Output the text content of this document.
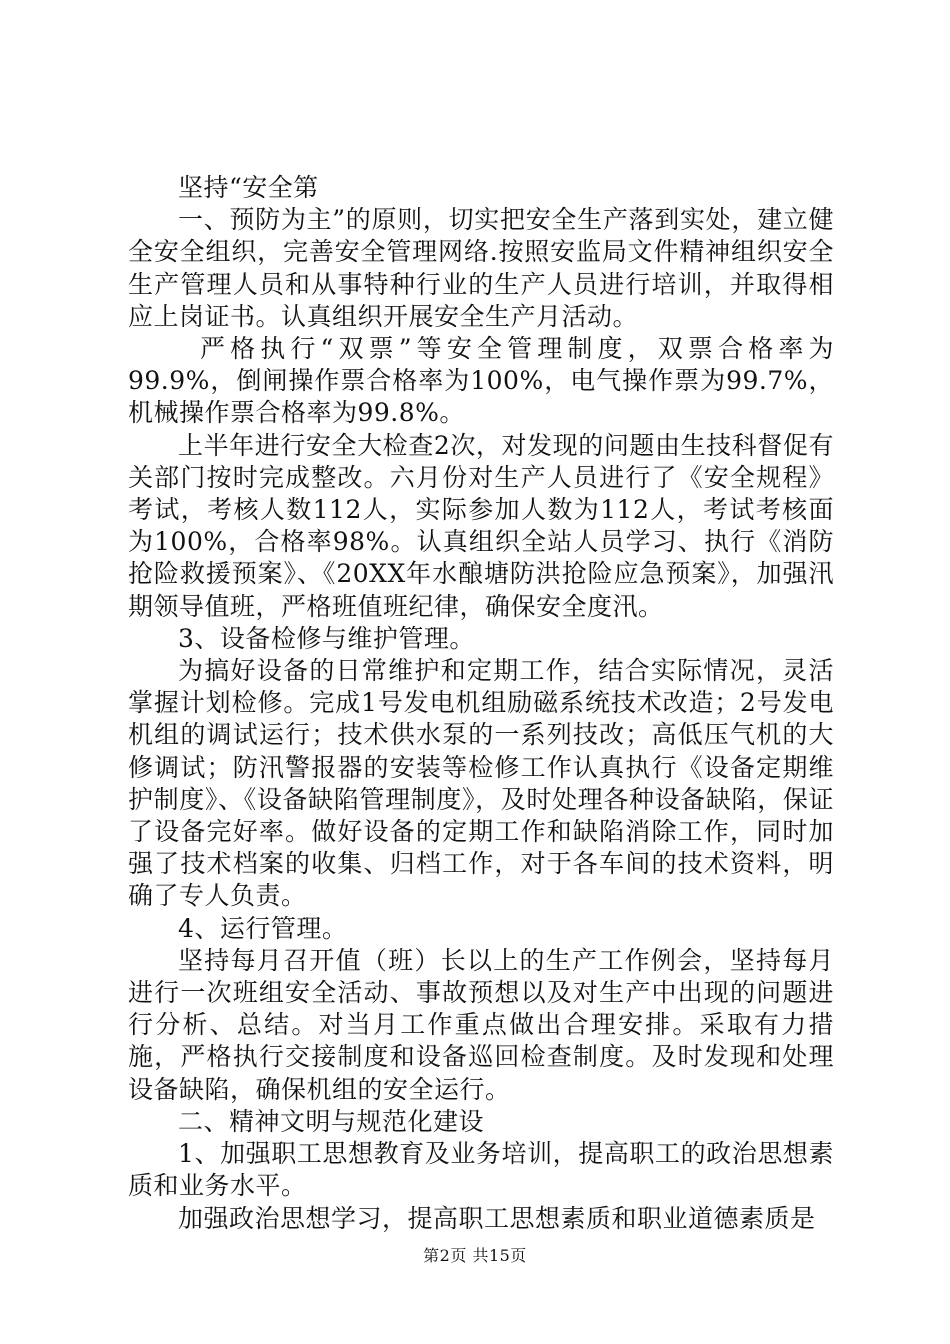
坚持“安全第

一、预防为主”的原则，切实把安全生产落到实处，建立健全安全组织，完善安全管理网络.按照安监局文件精神组织安全生产管理人员和从事特种行业的生产人员进行培训，并取得相应上岗证书。认真组织开展安全生产月活动。

严格执行“双票”等安全管理制度，双票合格率为99.9%，倒闸操作票合格率为100%，电气操作票为99.7%，机械操作票合格率为99.8%。

上半年进行安全大检查2次，对发现的问题由生技科督促有关部门按时完成整改。六月份对生产人员进行了《安全规程》考试，考核人数112人，实际参加人数为112人，考试考核面为100%，合格率98%。认真组织全站人员学习、执行《消防抢险救援预案》、《20XX年水酿塘防洪抢险应急预案》，加强汛期领导值班，严格班值班纪律，确保安全度汛。

3、设备检修与维护管理。

为搞好设备的日常维护和定期工作，结合实际情况，灵活掌握计划检修。完成1号发电机组励磁系统技术改造；2号发电机组的调试运行；技术供水泵的一系列技改；高低压气机的大修调试；防汛警报器的安装等检修工作认真执行《设备定期维护制度》、《设备缺陷管理制度》，及时处理各种设备缺陷，保证了设备完好率。做好设备的定期工作和缺陷消除工作，同时加强了技术档案的收集、归档工作，对于各车间的技术资料，明确了专人负责。

4、运行管理。

坚持每月召开值（班）长以上的生产工作例会，坚持每月进行一次班组安全活动、事故预想以及对生产中出现的问题进行分析、总结。对当月工作重点做出合理安排。采取有力措施，严格执行交接制度和设备巡回检查制度。及时发现和处理设备缺陷，确保机组的安全运行。

二、精神文明与规范化建设

1、加强职工思想教育及业务培训，提高职工的政治思想素质和业务水平。

加强政治思想学习，提高职工思想素质和职业道德素质是

第2页 共15页
